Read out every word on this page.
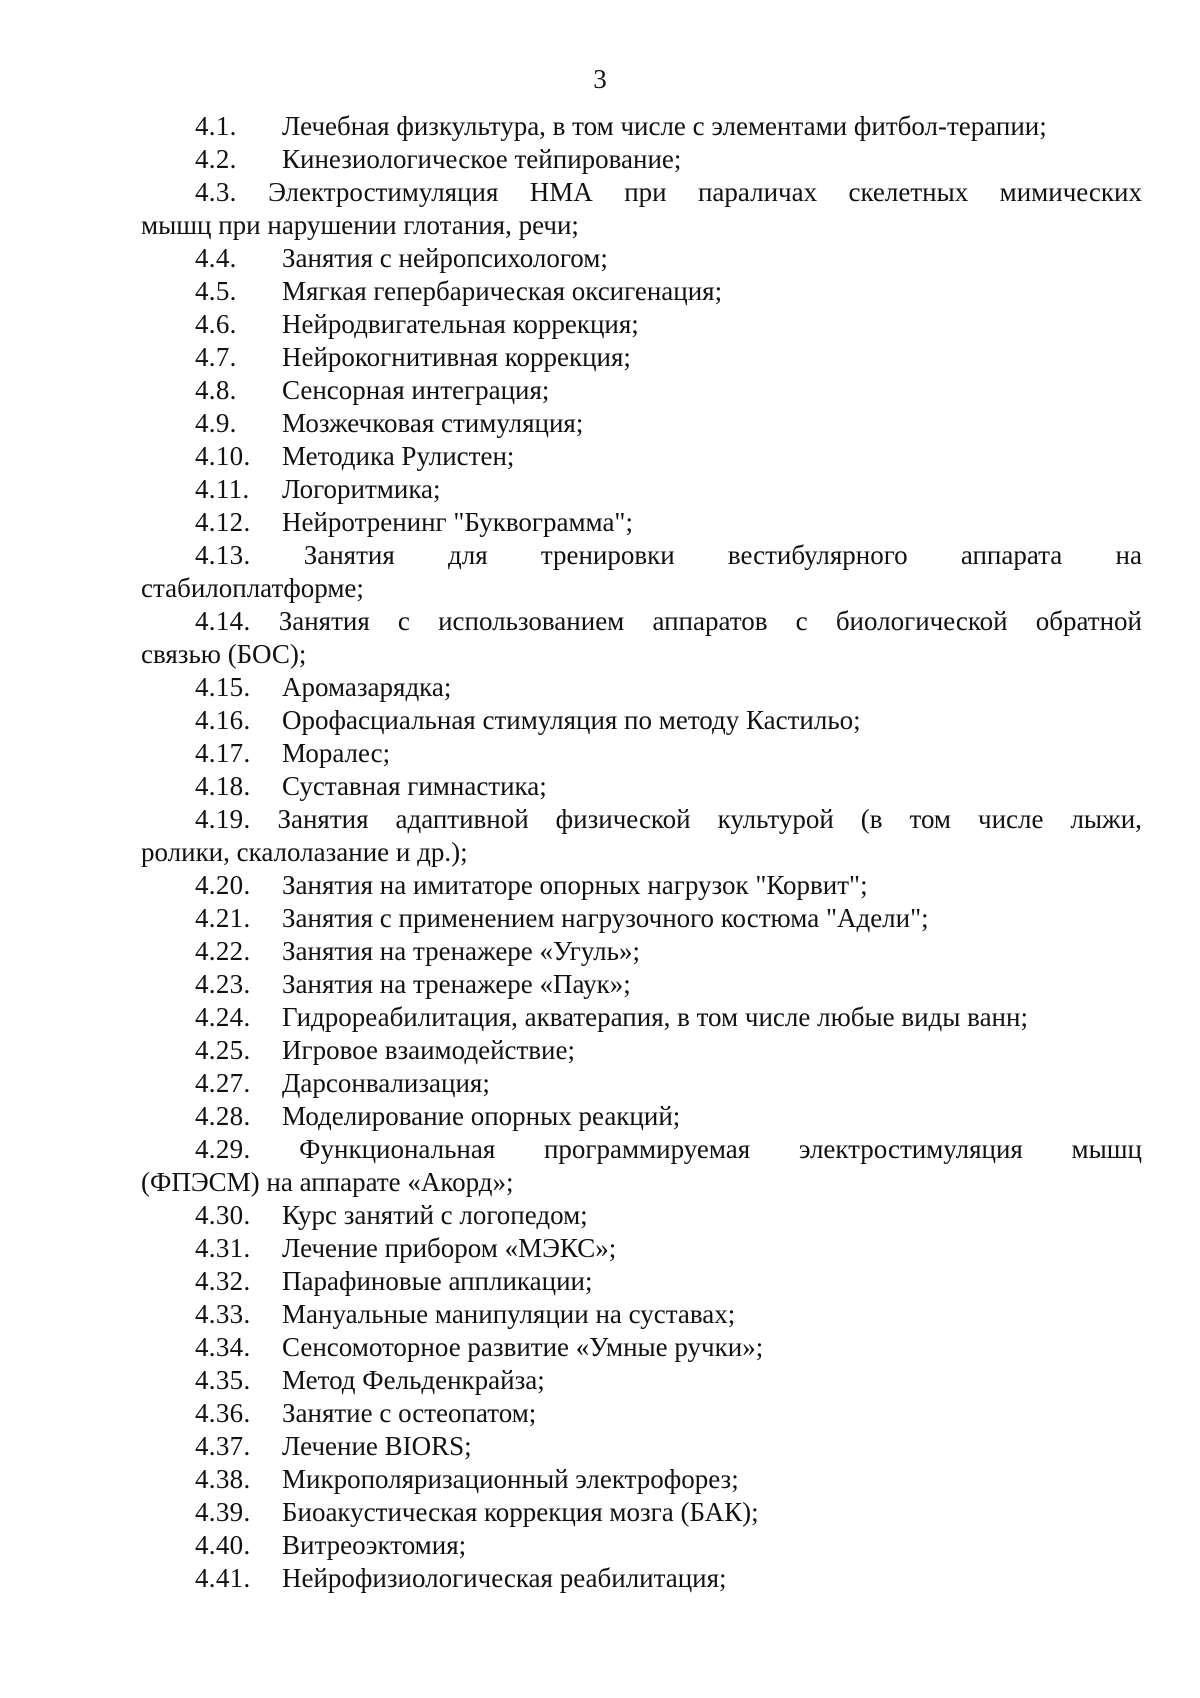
3
4.1.	Лечебная физкультура, в том числе с элементами фитбол-терапии;
4.2.	Кинезиологическое тейпирование;
4.3. Электростимуляция НМА при параличах скелетных мимических
мышц при нарушении глотания, речи;
4.4.	Занятия с нейропсихологом;
4.5.	Мягкая гепербарическая оксигенация;
4.6.	Нейродвигательная коррекция;
4.7.	Нейрокогнитивная коррекция;
4.8.	Сенсорная интеграция;
4.9.	Мозжечковая стимуляция;
4.10.	Методика Рулистен;
4.11.	Логоритмика;
4.12.	Нейротренинг "Буквограмма";
4.13. Занятия для тренировки вестибулярного аппарата на
стабилоплатформе;
4.14. Занятия с использованием аппаратов с биологической обратной
связью (БОС);
4.15.	Аромазарядка;
4.16.	Орофасциальная стимуляция по методу Кастильо;
4.17.	Моралес;
4.18.	Суставная гимнастика;
4.19. Занятия адаптивной физической культурой (в том числе лыжи,
ролики, скалолазание и др.);
4.20.	Занятия на имитаторе опорных нагрузок "Корвит";
4.21.	Занятия с применением нагрузочного костюма "Адели";
4.22.	Занятия на тренажере «Угуль»;
4.23.	Занятия на тренажере «Паук»;
4.24.	Гидрореабилитация, акватерапия, в том числе любые виды ванн;
4.25.	Игровое взаимодействие;
4.27.	Дарсонвализация;
4.28.	Моделирование опорных реакций;
4.29. Функциональная программируемая электростимуляция мышц
(ФПЭСМ) на аппарате «Акорд»;
4.30.	Курс занятий с логопедом;
4.31.	Лечение прибором «МЭКС»;
4.32.	Парафиновые аппликации;
4.33.	Мануальные манипуляции на суставах;
4.34.	Сенсомоторное развитие «Умные ручки»;
4.35.	Метод Фельденкрайза;
4.36.	Занятие с остеопатом;
4.37.	Лечение BIORS;
4.38.	Микрополяризационный электрофорез;
4.39.	Биоакустическая коррекция мозга (БАК);
4.40.	Витреоэктомия;
4.41.	Нейрофизиологическая реабилитация;
